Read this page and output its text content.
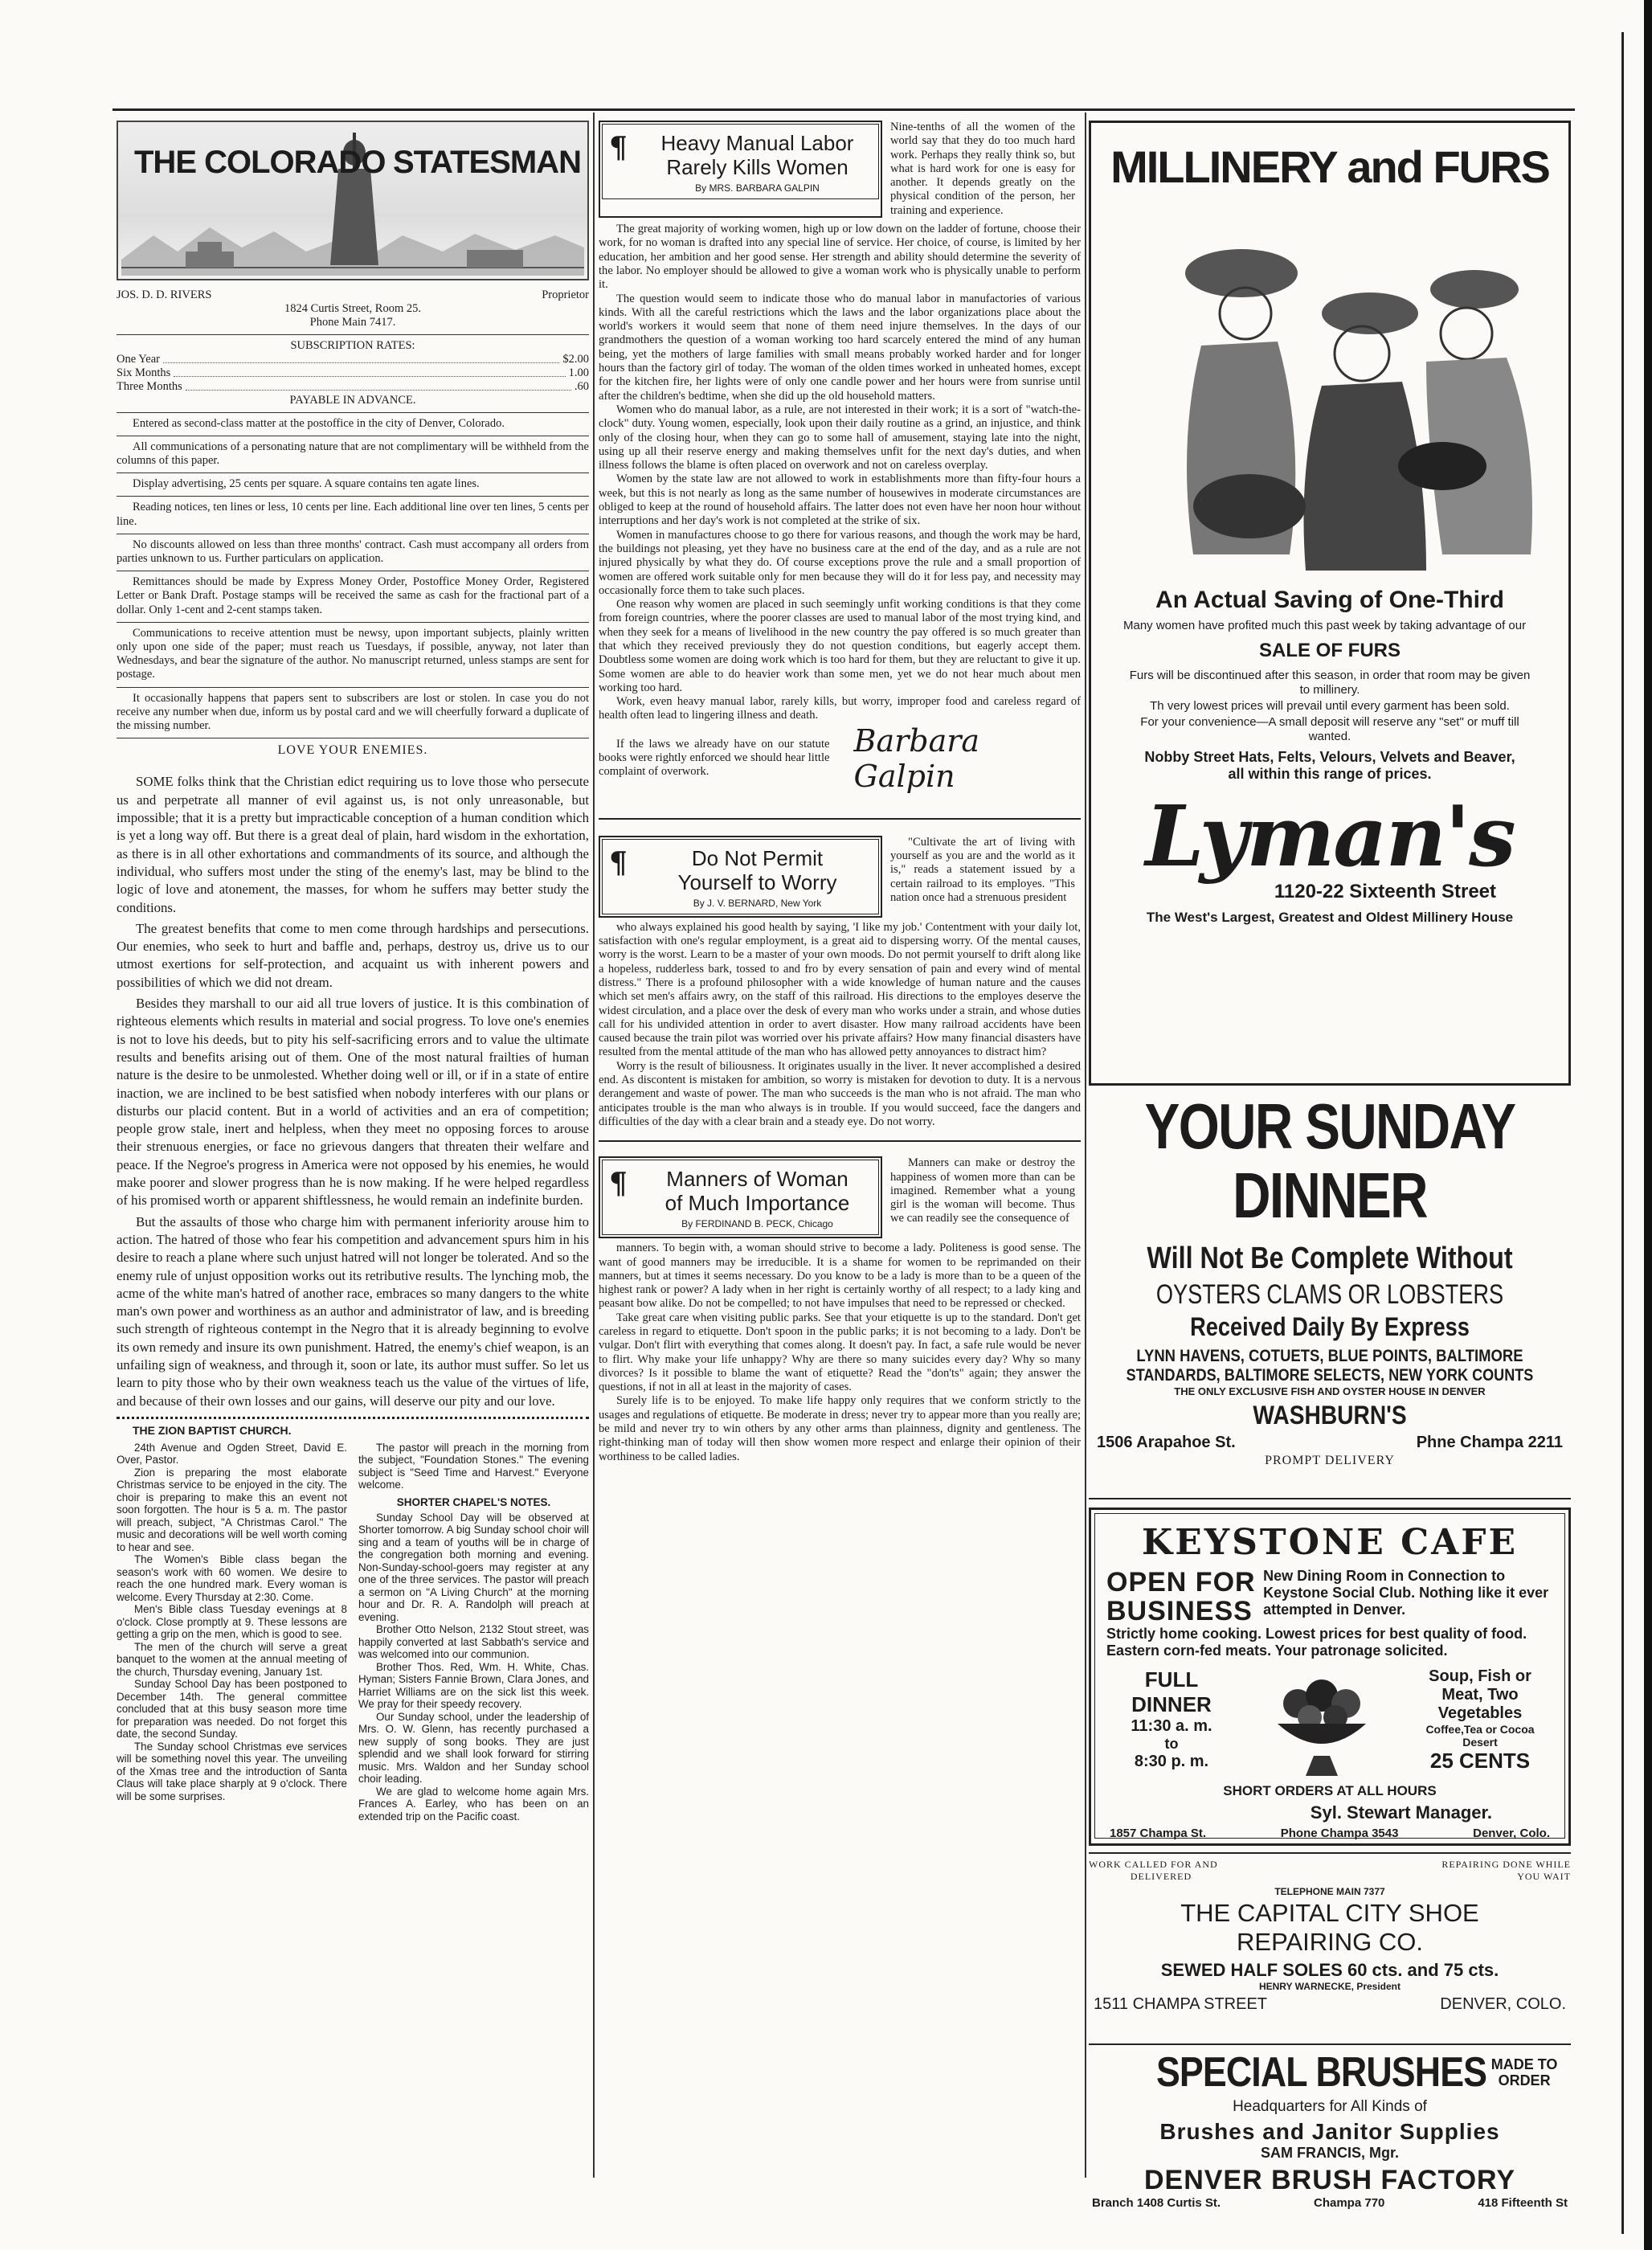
THE COLORADO STATESMAN
JOS. D. D. RIVERS	Proprietor
1824 Curtis Street, Room 25.
Phone Main 7417.
SUBSCRIPTION RATES:
One Year	$2.00
Six Months	1.00
Three Months	.60
PAYABLE IN ADVANCE.

Entered as second-class matter at the postoffice in the city of Denver, Colorado.

All communications of a personating nature that are not complimentary will be withheld from the columns of this paper.

Display advertising, 25 cents per square. A square contains ten agate lines.

Reading notices, ten lines or less, 10 cents per line. Each additional line over ten lines, 5 cents per line.

No discounts allowed on less than three months' contract. Cash must accompany all orders from parties unknown to us. Further particulars on application.

Remittances should be made by Express Money Order, Postoffice Money Order, Registered Letter or Bank Draft. Postage stamps will be received the same as cash for the fractional part of a dollar. Only 1-cent and 2-cent stamps taken.

Communications to receive attention must be newsy, upon important subjects, plainly written only upon one side of the paper; must reach us Tuesdays, if possible, anyway, not later than Wednesdays, and bear the signature of the author. No manuscript returned, unless stamps are sent for postage.

It occasionally happens that papers sent to subscribers are lost or stolen. In case you do not receive any number when due, inform us by postal card and we will cheerfully forward a duplicate of the missing number.

LOVE YOUR ENEMIES.

SOME folks think that the Christian edict requiring us to love those who persecute us and perpetrate all manner of evil against us, is not only unreasonable, but impossible; that it is a pretty but impracticable conception of a human condition which is yet a long way off. But there is a great deal of plain, hard wisdom in the exhortation, as there is in all other exhortations and commandments of its source, and although the individual, who suffers most under the sting of the enemy's last, may be blind to the logic of love and atonement, the masses, for whom he suffers may better study the conditions.

The greatest benefits that come to men come through hardships and persecutions. Our enemies, who seek to hurt and baffle and, perhaps, destroy us, drive us to our utmost exertions for self-protection, and acquaint us with inherent powers and possibilities of which we did not dream.

Besides they marshall to our aid all true lovers of justice. It is this combination of righteous elements which results in material and social progress. To love one's enemies is not to love his deeds, but to pity his self-sacrificing errors and to value the ultimate results and benefits arising out of them. One of the most natural frailties of human nature is the desire to be unmolested. Whether doing well or ill, or if in a state of entire inaction, we are inclined to be best satisfied when nobody interferes with our plans or disturbs our placid content. But in a world of activities and an era of competition; people grow stale, inert and helpless, when they meet no opposing forces to arouse their strenuous energies, or face no grievous dangers that threaten their welfare and peace. If the Negroe's progress in America were not opposed by his enemies, he would make poorer and slower progress than he is now making. If he were helped regardless of his promised worth or apparent shiftlessness, he would remain an indefinite burden.

But the assaults of those who charge him with permanent inferiority arouse him to action. The hatred of those who fear his competition and advancement spurs him in his desire to reach a plane where such unjust hatred will not longer be tolerated. And so the enemy rule of unjust opposition works out its retributive results. The lynching mob, the acme of the white man's hatred of another race, embraces so many dangers to the white man's own power and worthiness as an author and administrator of law, and is breeding such strength of righteous contempt in the Negro that it is already beginning to evolve its own remedy and insure its own punishment. Hatred, the enemy's chief weapon, is an unfailing sign of weakness, and through it, soon or late, its author must suffer. So let us learn to pity those who by their own weakness teach us the value of the virtues of life, and because of their own losses and our gains, will deserve our pity and our love.

THE ZION BAPTIST CHURCH.

24th Avenue and Ogden Street, David E. Over, Pastor.

Zion is preparing the most elaborate Christmas service to be enjoyed in the city. The choir is preparing to make this an event not soon forgotten. The hour is 5 a. m. The pastor will preach, subject, "A Christmas Carol." The music and decorations will be well worth coming to hear and see.

The Women's Bible class began the season's work with 60 women. We desire to reach the one hundred mark. Every woman is welcome. Every Thursday at 2:30. Come.

Men's Bible class Tuesday evenings at 8 o'clock. Close promptly at 9. These lessons are getting a grip on the men, which is good to see.

The men of the church will serve a great banquet to the women at the annual meeting of the church, Thursday evening, January 1st.

Sunday School Day has been postponed to December 14th. The general committee concluded that at this busy season more time for preparation was needed. Do not forget this date, the second Sunday.

The Sunday school Christmas eve services will be something novel this year. The unveiling of the Xmas tree and the introduction of Santa Claus will take place sharply at 9 o'clock. There will be some surprises.

The pastor will preach in the morning from the subject, "Foundation Stones." The evening subject is "Seed Time and Harvest." Everyone welcome.

SHORTER CHAPEL'S NOTES.

Sunday School Day will be observed at Shorter tomorrow. A big Sunday school choir will sing and a team of youths will be in charge of the congregation both morning and evening. Non-Sunday-school-goers may register at any one of the three services. The pastor will preach a sermon on "A Living Church" at the morning hour and Dr. R. A. Randolph will preach at evening.

Brother Otto Nelson, 2132 Stout street, was happily converted at last Sabbath's service and was welcomed into our communion.

Brother Thos. Red, Wm. H. White, Chas. Hyman; Sisters Fannie Brown, Clara Jones, and Harriet Williams are on the sick list this week. We pray for their speedy recovery.

Our Sunday school, under the leadership of Mrs. O. W. Glenn, has recently purchased a new supply of song books. They are just splendid and we shall look forward for stirring music. Mrs. Waldon and her Sunday school choir leading.

We are glad to welcome home again Mrs. Frances A. Earley, who has been on an extended trip on the Pacific coast.

¶	Heavy Manual Labor
Rarely Kills Women
By MRS. BARBARA GALPIN

Nine-tenths of all the women of the world say that they do too much hard work. Perhaps they really think so, but what is hard work for one is easy for another. It depends greatly on the physical condition of the person, her training and experience.

The great majority of working women, high up or low down on the ladder of fortune, choose their work, for no woman is drafted into any special line of service. Her choice, of course, is limited by her education, her ambition and her good sense. Her strength and ability should determine the severity of the labor. No employer should be allowed to give a woman work who is physically unable to perform it.

The question would seem to indicate those who do manual labor in manufactories of various kinds. With all the careful restrictions which the laws and the labor organizations place about the world's workers it would seem that none of them need injure themselves. In the days of our grandmothers the question of a woman working too hard scarcely entered the mind of any human being, yet the mothers of large families with small means probably worked harder and for longer hours than the factory girl of today. The woman of the olden times worked in unheated homes, except for the kitchen fire, her lights were of only one candle power and her hours were from sunrise until after the children's bedtime, when she did up the old household matters.

Women who do manual labor, as a rule, are not interested in their work; it is a sort of "watch-the-clock" duty. Young women, especially, look upon their daily routine as a grind, an injustice, and think only of the closing hour, when they can go to some hall of amusement, staying late into the night, using up all their reserve energy and making themselves unfit for the next day's duties, and when illness follows the blame is often placed on overwork and not on careless overplay.

Women by the state law are not allowed to work in establishments more than fifty-four hours a week, but this is not nearly as long as the same number of housewives in moderate circumstances are obliged to keep at the round of household affairs. The latter does not even have her noon hour without interruptions and her day's work is not completed at the strike of six.

Women in manufactures choose to go there for various reasons, and though the work may be hard, the buildings not pleasing, yet they have no business care at the end of the day, and as a rule are not injured physically by what they do. Of course exceptions prove the rule and a small proportion of women are offered work suitable only for men because they will do it for less pay, and necessity may occasionally force them to take such places.

One reason why women are placed in such seemingly unfit working conditions is that they come from foreign countries, where the poorer classes are used to manual labor of the most trying kind, and when they seek for a means of livelihood in the new country the pay offered is so much greater than that which they received previously they do not question conditions, but eagerly accept them. Doubtless some women are doing work which is too hard for them, but they are reluctant to give it up. Some women are able to do heavier work than some men, yet we do not hear much about men working too hard.

Work, even heavy manual labor, rarely kills, but worry, improper food and careless regard of health often lead to lingering illness and death.

If the laws we already have on our statute books were rightly enforced we should hear little complaint of overwork.

Barbara Galpin
¶	Do Not Permit
Yourself to Worry
By J. V. BERNARD, New York

"Cultivate the art of living with yourself as you are and the world as it is," reads a statement issued by a certain railroad to its employes. "This nation once had a strenuous president

who always explained his good health by saying, 'I like my job.' Contentment with your daily lot, satisfaction with one's regular employment, is a great aid to dispersing worry. Of the mental causes, worry is the worst. Learn to be a master of your own moods. Do not permit yourself to drift along like a hopeless, rudderless bark, tossed to and fro by every sensation of pain and every wind of mental distress." There is a profound philosopher with a wide knowledge of human nature and the causes which set men's affairs awry, on the staff of this railroad. His directions to the employes deserve the widest circulation, and a place over the desk of every man who works under a strain, and whose duties call for his undivided attention in order to avert disaster. How many railroad accidents have been caused because the train pilot was worried over his private affairs? How many financial disasters have resulted from the mental attitude of the man who has allowed petty annoyances to distract him?

Worry is the result of biliousness. It originates usually in the liver. It never accomplished a desired end. As discontent is mistaken for ambition, so worry is mistaken for devotion to duty. It is a nervous derangement and waste of power. The man who succeeds is the man who is not afraid. The man who anticipates trouble is the man who always is in trouble. If you would succeed, face the dangers and difficulties of the day with a clear brain and a steady eye. Do not worry.

¶	Manners of Woman
of Much Importance
By FERDINAND B. PECK, Chicago

Manners can make or destroy the happiness of women more than can be imagined. Remember what a young girl is the woman will become. Thus we can readily see the consequence of

manners. To begin with, a woman should strive to become a lady. Politeness is good sense. The want of good manners may be irreducible. It is a shame for women to be reprimanded on their manners, but at times it seems necessary. Do you know to be a lady is more than to be a queen of the highest rank or power? A lady when in her right is certainly worthy of all respect; to a lady king and peasant bow alike. Do not be compelled; to not have impulses that need to be repressed or checked.

Take great care when visiting public parks. See that your etiquette is up to the standard. Don't get careless in regard to etiquette. Don't spoon in the public parks; it is not becoming to a lady. Don't be vulgar. Don't flirt with everything that comes along. It doesn't pay. In fact, a safe rule would be never to flirt. Why make your life unhappy? Why are there so many suicides every day? Why so many divorces? Is it possible to blame the want of etiquette? Read the "don'ts" again; they answer the questions, if not in all at least in the majority of cases.

Surely life is to be enjoyed. To make life happy only requires that we conform strictly to the usages and regulations of etiquette. Be moderate in dress; never try to appear more than you really are; be mild and never try to win others by any other arms than plainness, dignity and gentleness. The right-thinking man of today will then show women more respect and enlarge their opinion of their worthiness to be called ladies.

MILLINERY and FURS
An Actual Saving of One-Third
Many women have profited much this past week by taking advantage of our
SALE OF FURS

Furs will be discontinued after this season, in order that room may be given to millinery.

Th very lowest prices will prevail until every garment has been sold.

For your convenience—A small deposit will reserve any "set" or muff till wanted.

Nobby Street Hats, Felts, Velours, Velvets and Beaver,
all within this range of prices.
Lyman's
1120-22 Sixteenth Street
The West's Largest, Greatest and Oldest Millinery House
YOUR SUNDAY
DINNER
Will Not Be Complete Without
OYSTERS CLAMS OR LOBSTERS
Received Daily By Express
LYNN HAVENS, COTUETS, BLUE POINTS, BALTIMORE
STANDARDS, BALTIMORE SELECTS, NEW YORK COUNTS
THE ONLY EXCLUSIVE FISH AND OYSTER HOUSE IN DENVER
WASHBURN'S
1506 Arapahoe St.	Phne Champa 2211
PROMPT DELIVERY
KEYSTONE CAFE
OPEN FOR
BUSINESS
New Dining Room in Connection to Keystone Social Club. Nothing like it ever attempted in Denver.
Strictly home cooking. Lowest prices for best quality of food. Eastern corn-fed meats. Your patronage solicited.
FULL
DINNER
11:30 a. m.
to
8:30 p. m.
Soup, Fish or
Meat, Two
Vegetables
Coffee,Tea or Cocoa
Desert
25 CENTS
SHORT ORDERS AT ALL HOURS
Syl. Stewart Manager.
1857 Champa St.	Phone Champa 3543	Denver, Colo.
WORK CALLED FOR AND
DELIVERED
REPAIRING DONE WHILE
YOU WAIT
TELEPHONE MAIN 7377
THE CAPITAL CITY SHOE
REPAIRING CO.
SEWED HALF SOLES 60 cts. and 75 cts.
HENRY WARNECKE, President
1511 CHAMPA STREET	DENVER, COLO.
SPECIAL BRUSHES MADE TO
ORDER
Headquarters for All Kinds of
Brushes and Janitor Supplies
SAM FRANCIS, Mgr.
DENVER BRUSH FACTORY
Branch 1408 Curtis St.	Champa 770	418 Fifteenth St
